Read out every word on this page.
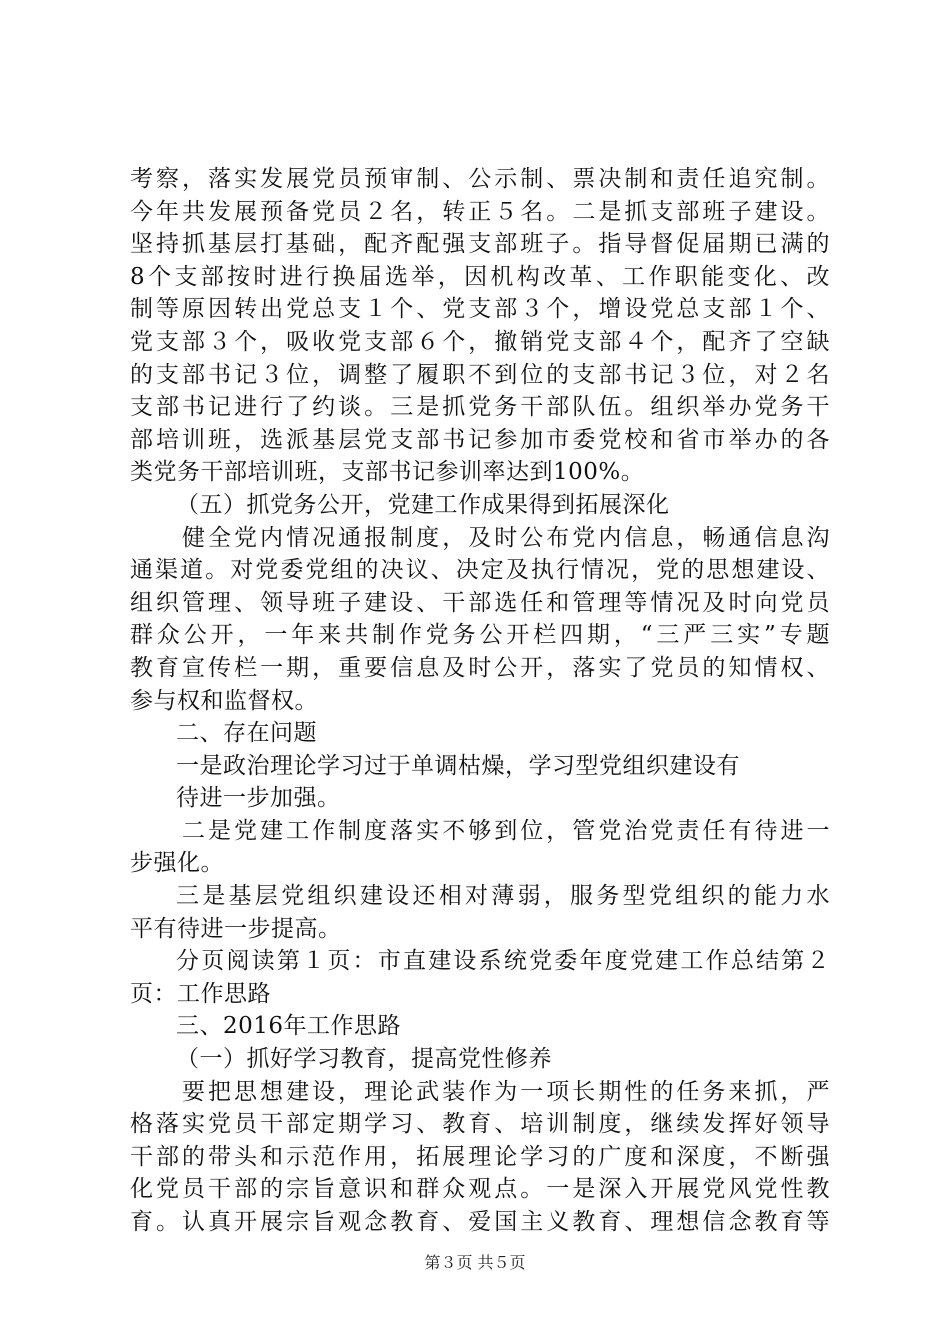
考察，落实发展党员预审制、公示制、票决制和责任追究制。
今年共发展预备党员２名，转正５名。二是抓支部班子建设。
坚持抓基层打基础，配齐配强支部班子。指导督促届期已满的
8个支部按时进行换届选举，因机构改革、工作职能变化、改
制等原因转出党总支１个、党支部３个，增设党总支部１个、
党支部３个，吸收党支部６个，撤销党支部４个，配齐了空缺
的支部书记３位，调整了履职不到位的支部书记３位，对２名
支部书记进行了约谈。三是抓党务干部队伍。组织举办党务干
部培训班，选派基层党支部书记参加市委党校和省市举办的各
类党务干部培训班，支部书记参训率达到100%。
（五）抓党务公开，党建工作成果得到拓展深化
健全党内情况通报制度，及时公布党内信息，畅通信息沟
通渠道。对党委党组的决议、决定及执行情况，党的思想建设、
组织管理、领导班子建设、干部选任和管理等情况及时向党员
群众公开，一年来共制作党务公开栏四期，“三严三实”专题
教育宣传栏一期，重要信息及时公开，落实了党员的知情权、
参与权和监督权。
二、存在问题
一是政治理论学习过于单调枯燥，学习型党组织建设有
待进一步加强。
二是党建工作制度落实不够到位，管党治党责任有待进一
步强化。
三是基层党组织建设还相对薄弱，服务型党组织的能力水
平有待进一步提高。
分页阅读第１页：市直建设系统党委年度党建工作总结第２
页：工作思路
三、2016年工作思路
（一）抓好学习教育，提高党性修养
要把思想建设，理论武装作为一项长期性的任务来抓，严
格落实党员干部定期学习、教育、培训制度，继续发挥好领导
干部的带头和示范作用，拓展理论学习的广度和深度，不断强
化党员干部的宗旨意识和群众观点。一是深入开展党风党性教
育。认真开展宗旨观念教育、爱国主义教育、理想信念教育等
第３页 共５页
